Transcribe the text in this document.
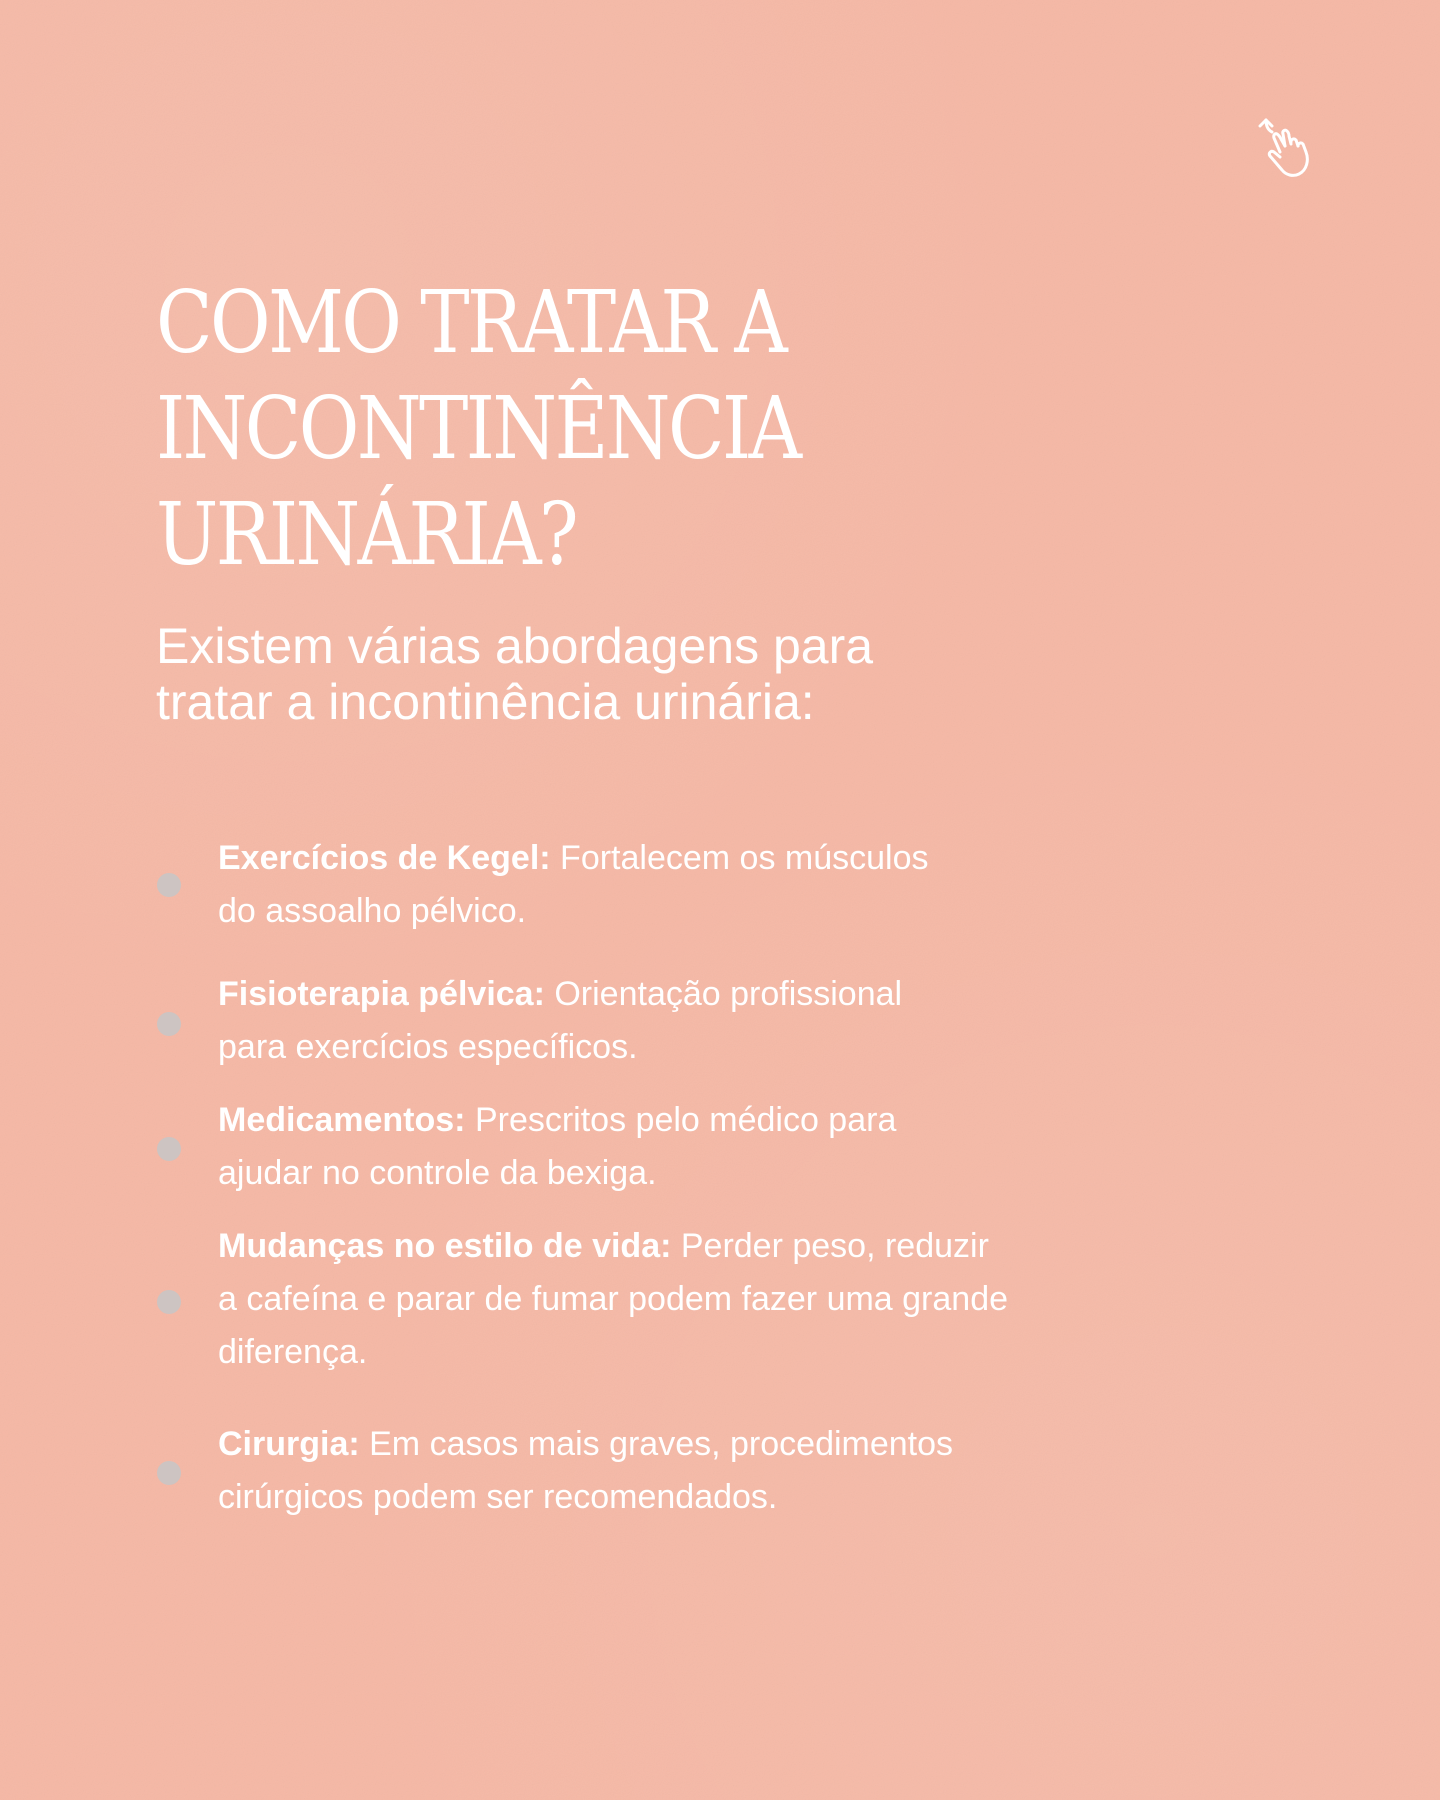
COMO TRATAR A
INCONTINÊNCIA
URINÁRIA?

Existem várias abordagens para
tratar a incontinência urinária:

Exercícios de Kegel: Fortalecem os músculos
do assoalho pélvico.

Fisioterapia pélvica: Orientação profissional
para exercícios específicos.

Medicamentos: Prescritos pelo médico para
ajudar no controle da bexiga.

Mudanças no estilo de vida: Perder peso, reduzir
a cafeína e parar de fumar podem fazer uma grande
diferença.

Cirurgia: Em casos mais graves, procedimentos
cirúrgicos podem ser recomendados.
